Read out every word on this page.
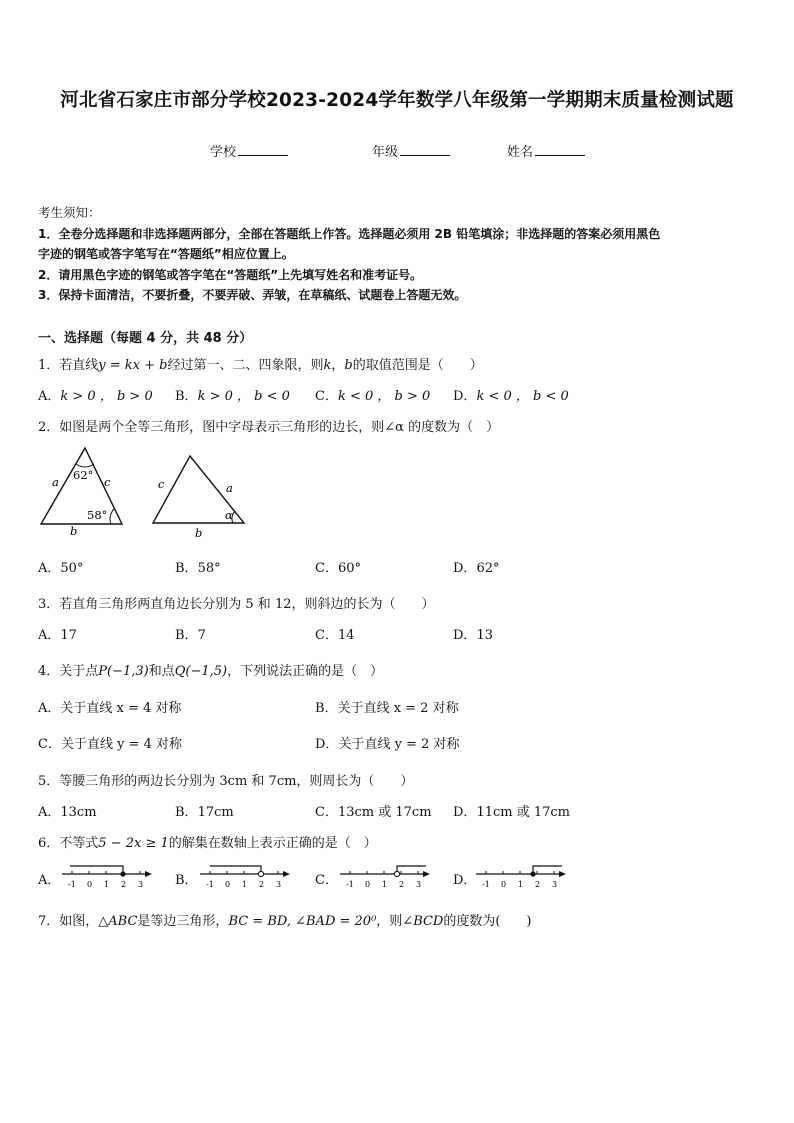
河北省石家庄市部分学校2023-2024学年数学八年级第一学期期末质量检测试题
学校	年级	姓名
考生须知：
1．全卷分选择题和非选择题两部分，全部在答题纸上作答。选择题必须用 2B 铅笔填涂；非选择题的答案必须用黑色
字迹的钢笔或答字笔写在“答题纸”相应位置上。
2．请用黑色字迹的钢笔或答字笔在“答题纸”上先填写姓名和准考证号。
3．保持卡面清洁，不要折叠，不要弄破、弄皱，在草稿纸、试题卷上答题无效。
一、选择题（每题 4 分，共 48 分）
1．若直线y = kx + b经过第一、二、四象限，则k，b的取值范围是（　　）
A．k > 0 ， b > 0 B．k > 0 ， b < 0 C．k < 0 ， b > 0 D．k < 0 ， b < 0
2．如图是两个全等三角形，图中字母表示三角形的边长，则∠α 的度数为（　）
62°
58°
a	c
b
c	a
b
α
A．50°	B．58°	C．60°	D．62°
3．若直角三角形两直角边长分别为 5 和 12，则斜边的长为（　　）
A．17	B．7	C．14	D．13
4．关于点P(−1,3)和点Q(−1,5)，下列说法正确的是（　）
A．关于直线 x = 4 对称	B．关于直线 x = 2 对称
C．关于直线 y = 4 对称	D．关于直线 y = 2 对称
5．等腰三角形的两边长分别为 3cm 和 7cm，则周长为（　　）
A．13cm	B．17cm	C．13cm 或 17cm D．11cm 或 17cm
6．不等式5 − 2x ≥ 1的解集在数轴上表示正确的是（　）
A． -1 0 1 2 3 B． -1 0 1 2 3	C． -1 0 1 2 3 D． -1 0 1 2 3
7．如图，△ABC是等边三角形，BC = BD, ∠BAD = 20⁰，则∠BCD的度数为(　　)
